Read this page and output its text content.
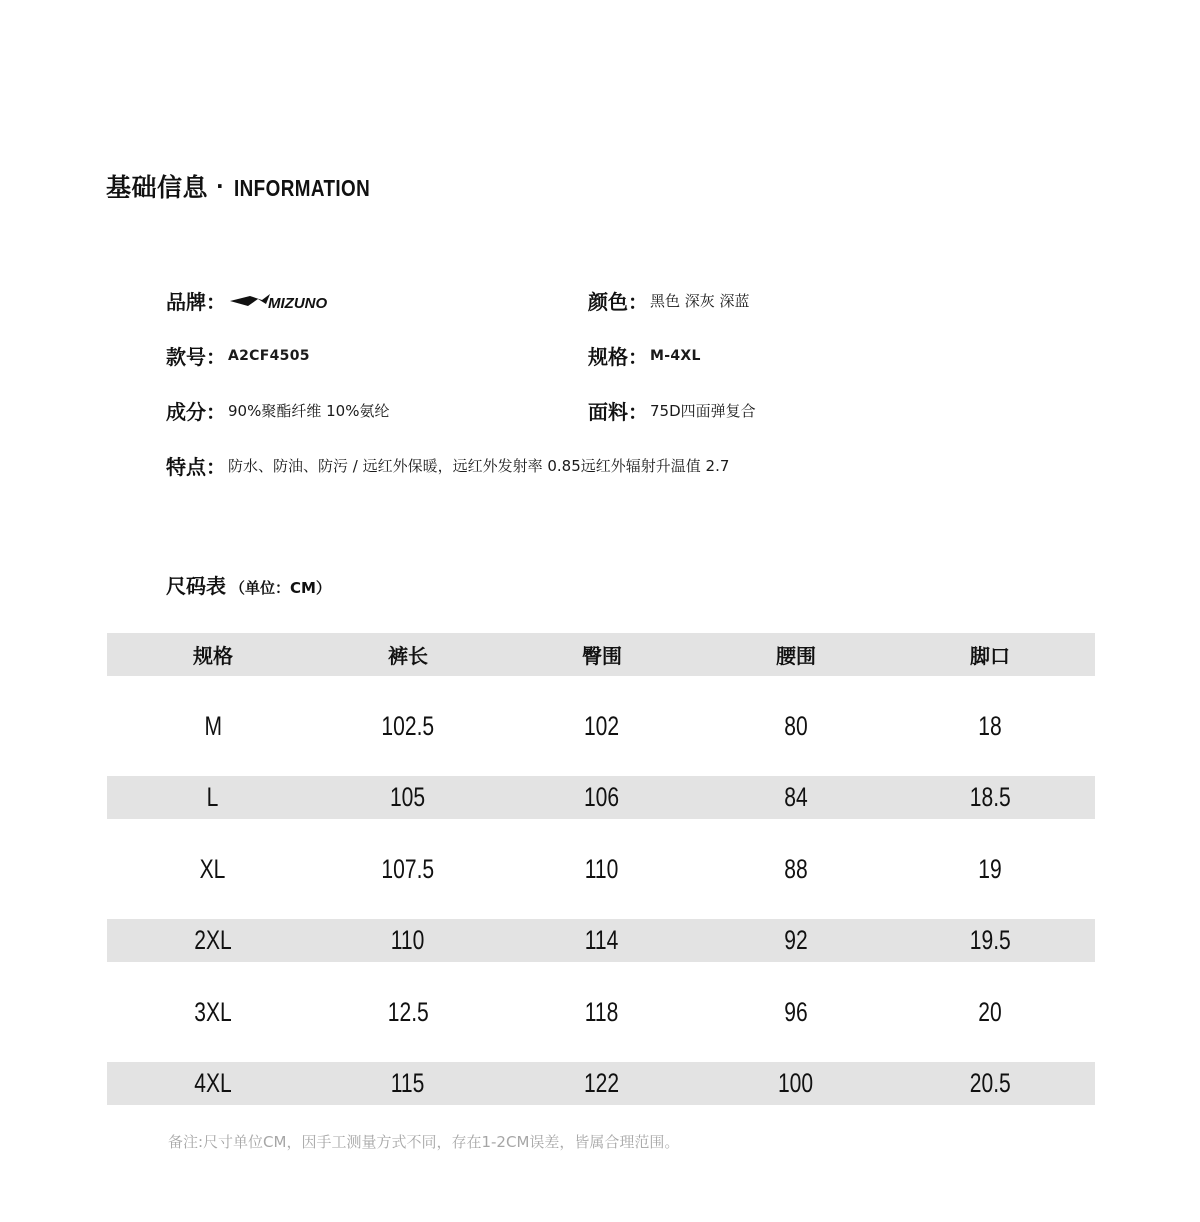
基础信息 · INFORMATION
品牌：	MIZUNO	颜色： 黑色 深灰 深蓝
款号： A2CF4505	规格： M-4XL
成分： 90%聚酯纤维 10%氨纶	面料： 75D四面弹复合
特点： 防水、防油、防污 / 远红外保暖，远红外发射率 0.85远红外辐射升温值 2.7
尺码表 （单位：CM）
规格	裤长	臀围	腰围	脚口
M	102.5	102	80	18
L	105	106	84	18.5
XL	107.5	110	88	19
2XL	110	114	92	19.5
3XL	12.5	118	96	20
4XL	115	122	100	20.5
备注:尺寸单位CM，因手工测量方式不同，存在1-2CM误差，皆属合理范围。
